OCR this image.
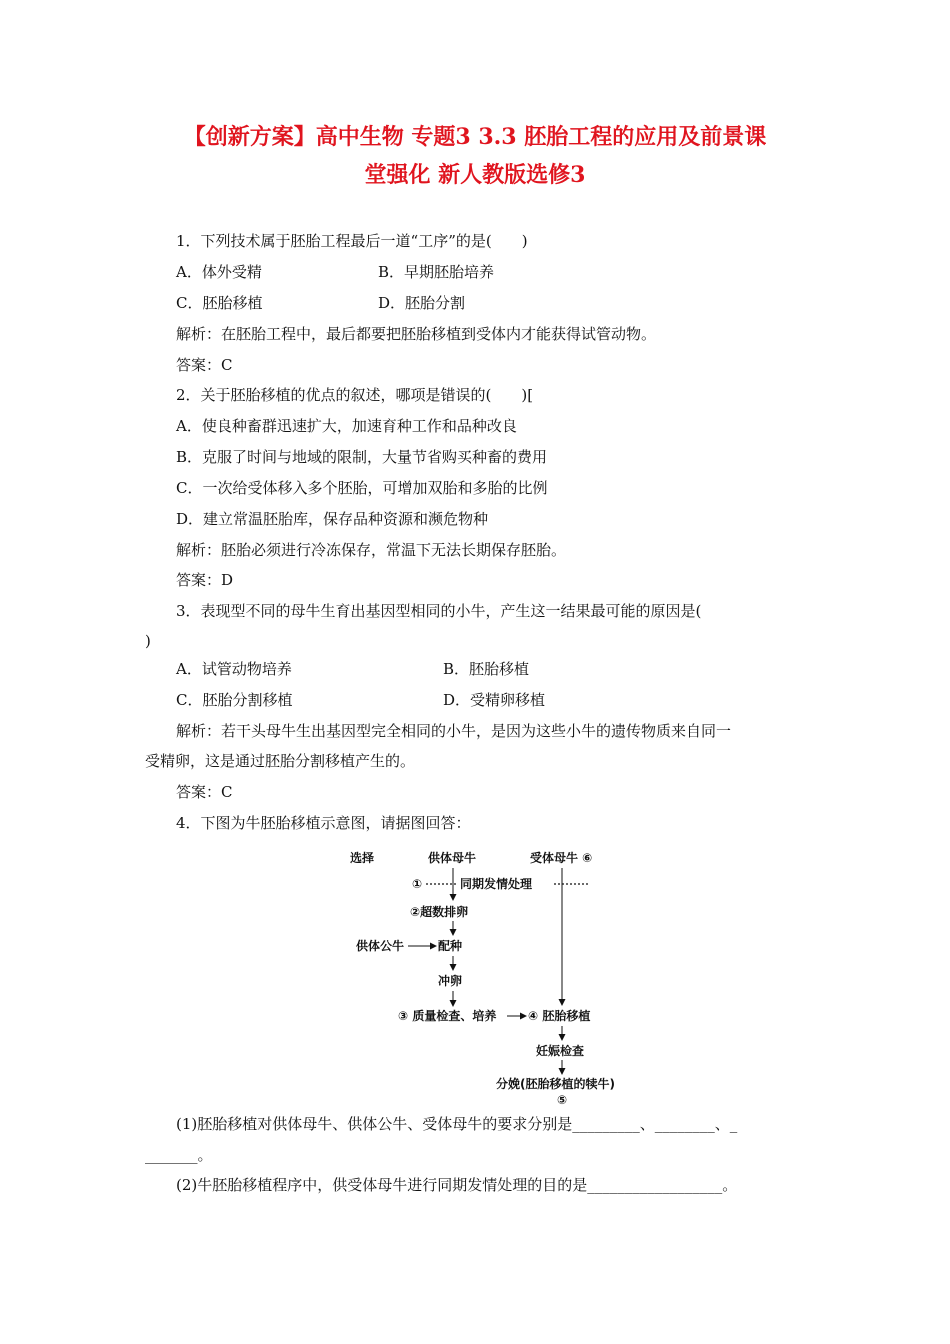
【创新方案】高中生物 专题3 3.3 胚胎工程的应用及前景课
堂强化 新人教版选修3
1．下列技术属于胚胎工程最后一道“工序”的是(　　)
A．体外受精	B．早期胚胎培养
C．胚胎移植	D．胚胎分割
解析：在胚胎工程中，最后都要把胚胎移植到受体内才能获得试管动物。
答案：C
2．关于胚胎移植的优点的叙述，哪项是错误的(　　)[
A．使良种畜群迅速扩大，加速育种工作和品种改良
B．克服了时间与地域的限制，大量节省购买种畜的费用
C．一次给受体移入多个胚胎，可增加双胎和多胎的比例
D．建立常温胚胎库，保存品种资源和濒危物种
解析：胚胎必须进行冷冻保存，常温下无法长期保存胚胎。
答案：D
3．表现型不同的母牛生育出基因型相同的小牛，产生这一结果最可能的原因是(
)
A．试管动物培养	B．胚胎移植
C．胚胎分割移植	D．受精卵移植
解析：若干头母牛生出基因型完全相同的小牛，是因为这些小牛的遗传物质来自同一
受精卵，这是通过胚胎分割移植产生的。
答案：C
4．下图为牛胚胎移植示意图，请据图回答：
选择	供体母牛	受体母牛 ⑥
①	同期发情处理
②超数排卵
供体公牛	配种
冲卵
③ 质量检查、培养	④ 胚胎移植
妊娠检查
分娩(胚胎移植的犊牛)
⑤
(1)胚胎移植对供体母牛、供体公牛、受体母牛的要求分别是_________、________、_
_______。
(2)牛胚胎移植程序中，供受体母牛进行同期发情处理的目的是__________________。
